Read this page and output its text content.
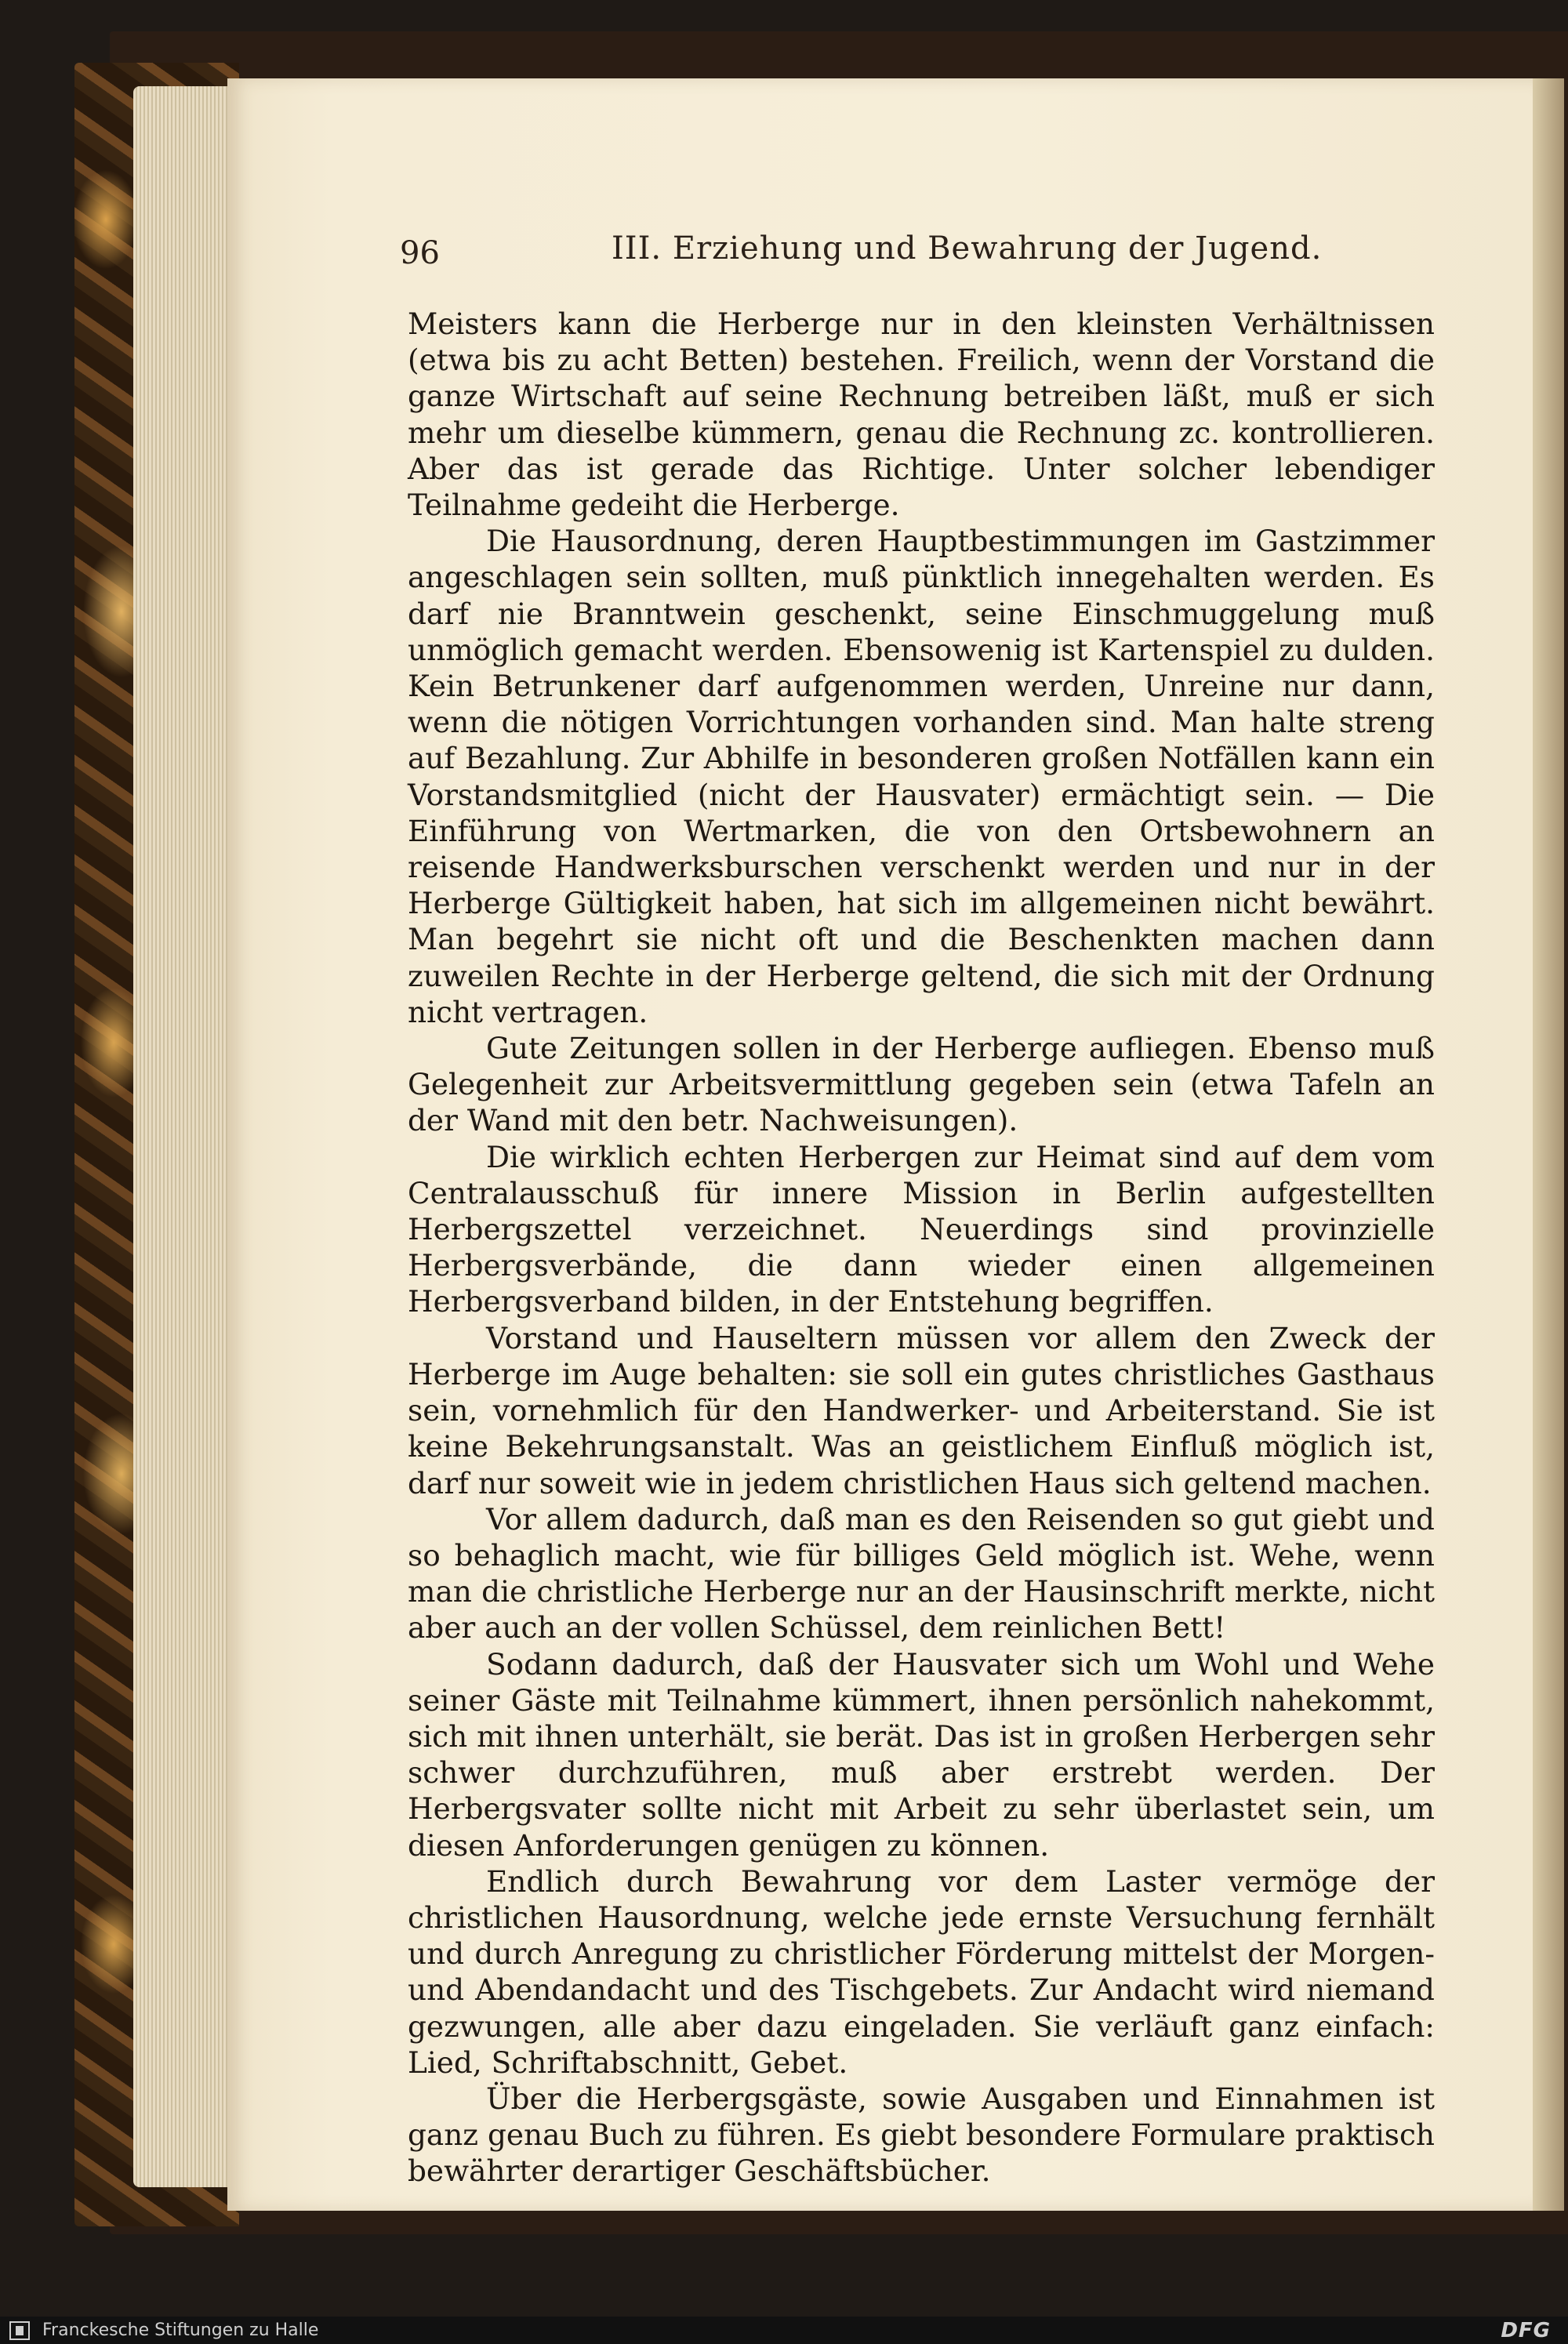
96	III. Erziehung und Bewahrung der Jugend.

Meisters kann die Herberge nur in den kleinsten Verhältnissen (etwa bis zu acht Betten) bestehen. Freilich, wenn der Vorstand die ganze Wirtschaft auf seine Rechnung betreiben läßt, muß er sich mehr um dieselbe kümmern, genau die Rechnung zc. kontrollieren. Aber das ist gerade das Richtige. Unter solcher lebendiger Teilnahme gedeiht die Herberge.

Die Hausordnung, deren Hauptbestimmungen im Gastzimmer angeschlagen sein sollten, muß pünktlich innegehalten werden. Es darf nie Branntwein geschenkt, seine Einschmuggelung muß unmöglich gemacht werden. Ebensowenig ist Kartenspiel zu dulden. Kein Betrunkener darf aufgenommen werden, Unreine nur dann, wenn die nötigen Vorrichtungen vorhanden sind. Man halte streng auf Bezahlung. Zur Abhilfe in besonderen großen Notfällen kann ein Vorstandsmitglied (nicht der Hausvater) ermächtigt sein. — Die Einführung von Wertmarken, die von den Ortsbewohnern an reisende Handwerksburschen verschenkt werden und nur in der Herberge Gültigkeit haben, hat sich im allgemeinen nicht bewährt. Man begehrt sie nicht oft und die Beschenkten machen dann zuweilen Rechte in der Herberge geltend, die sich mit der Ordnung nicht vertragen.

Gute Zeitungen sollen in der Herberge aufliegen. Ebenso muß Gelegenheit zur Arbeitsvermittlung gegeben sein (etwa Tafeln an der Wand mit den betr. Nachweisungen).

Die wirklich echten Herbergen zur Heimat sind auf dem vom Centralausschuß für innere Mission in Berlin aufgestellten Herbergszettel verzeichnet. Neuerdings sind provinzielle Herbergsverbände, die dann wieder einen allgemeinen Herbergsverband bilden, in der Entstehung begriffen.

Vorstand und Hauseltern müssen vor allem den Zweck der Herberge im Auge behalten: sie soll ein gutes christliches Gasthaus sein, vornehmlich für den Handwerker- und Arbeiterstand. Sie ist keine Bekehrungsanstalt. Was an geistlichem Einfluß möglich ist, darf nur soweit wie in jedem christlichen Haus sich geltend machen.

Vor allem dadurch, daß man es den Reisenden so gut giebt und so behaglich macht, wie für billiges Geld möglich ist. Wehe, wenn man die christliche Herberge nur an der Hausinschrift merkte, nicht aber auch an der vollen Schüssel, dem reinlichen Bett!

Sodann dadurch, daß der Hausvater sich um Wohl und Wehe seiner Gäste mit Teilnahme kümmert, ihnen persönlich nahekommt, sich mit ihnen unterhält, sie berät. Das ist in großen Herbergen sehr schwer durchzuführen, muß aber erstrebt werden. Der Herbergsvater sollte nicht mit Arbeit zu sehr überlastet sein, um diesen Anforderungen genügen zu können.

Endlich durch Bewahrung vor dem Laster vermöge der christlichen Hausordnung, welche jede ernste Versuchung fernhält und durch Anregung zu christlicher Förderung mittelst der Morgen- und Abendandacht und des Tischgebets. Zur Andacht wird niemand gezwungen, alle aber dazu eingeladen. Sie verläuft ganz einfach: Lied, Schriftabschnitt, Gebet.

Über die Herbergsgäste, sowie Ausgaben und Einnahmen ist ganz genau Buch zu führen. Es giebt besondere Formulare praktisch bewährter derartiger Geschäftsbücher.

Franckesche Stiftungen zu Halle	DFG
